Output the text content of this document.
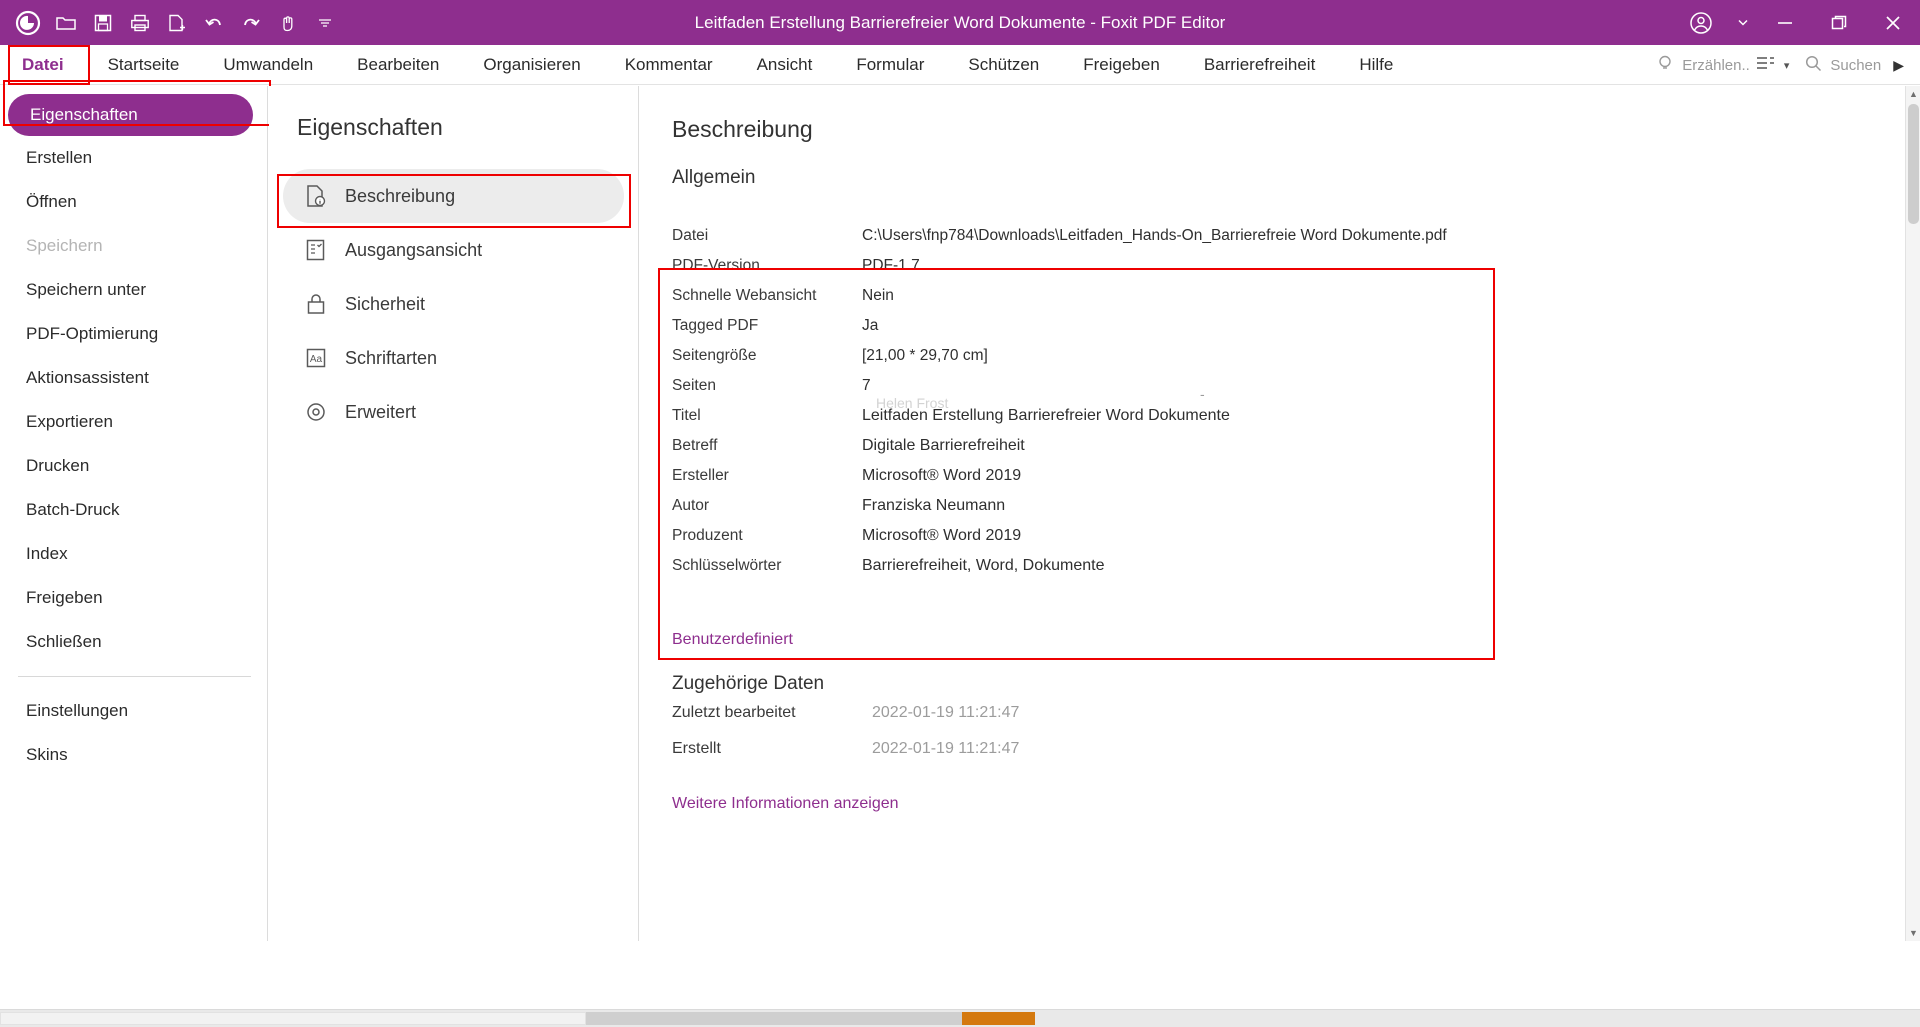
Leitfaden Erstellung Barrierefreier Word Dokumente - Foxit PDF Editor
Datei	Startseite	Umwandeln	Bearbeiten	Organisieren	Kommentar	Ansicht	Formular	Schützen	Freigeben	Barrierefreiheit	Hilfe	Erzählen..	▾	Suchen ▶
Eigenschaften
Erstellen
Öffnen
Speichern
Speichern unter
PDF-Optimierung
Aktionsassistent
Exportieren
Drucken
Batch-Druck
Index
Freigeben
Schließen
Einstellungen
Skins
Eigenschaften
Beschreibung
Ausgangsansicht
Sicherheit
Aa Schriftarten
Erweitert
Beschreibung
Allgemein
Datei	C:\Users\fnp784\Downloads\Leitfaden_Hands-On_Barrierefreie Word Dokumente.pdf
PDF-Version	PDF-1.7
Schnelle Webansicht	Nein
Tagged PDF	Ja
Seitengröße	[21,00 * 29,70 cm]
Seiten	7
Titel	Leitfaden Erstellung Barrierefreier Word Dokumente
Betreff	Digitale Barrierefreiheit
Ersteller	Microsoft® Word 2019
Autor	Franziska Neumann
Produzent	Microsoft® Word 2019
Schlüsselwörter	Barrierefreiheit, Word, Dokumente
Helen Frost
-
Benutzerdefiniert
Zugehörige Daten
Zuletzt bearbeitet	2022-01-19 11:21:47
Erstellt	2022-01-19 11:21:47
Weitere Informationen anzeigen
▲
▼
